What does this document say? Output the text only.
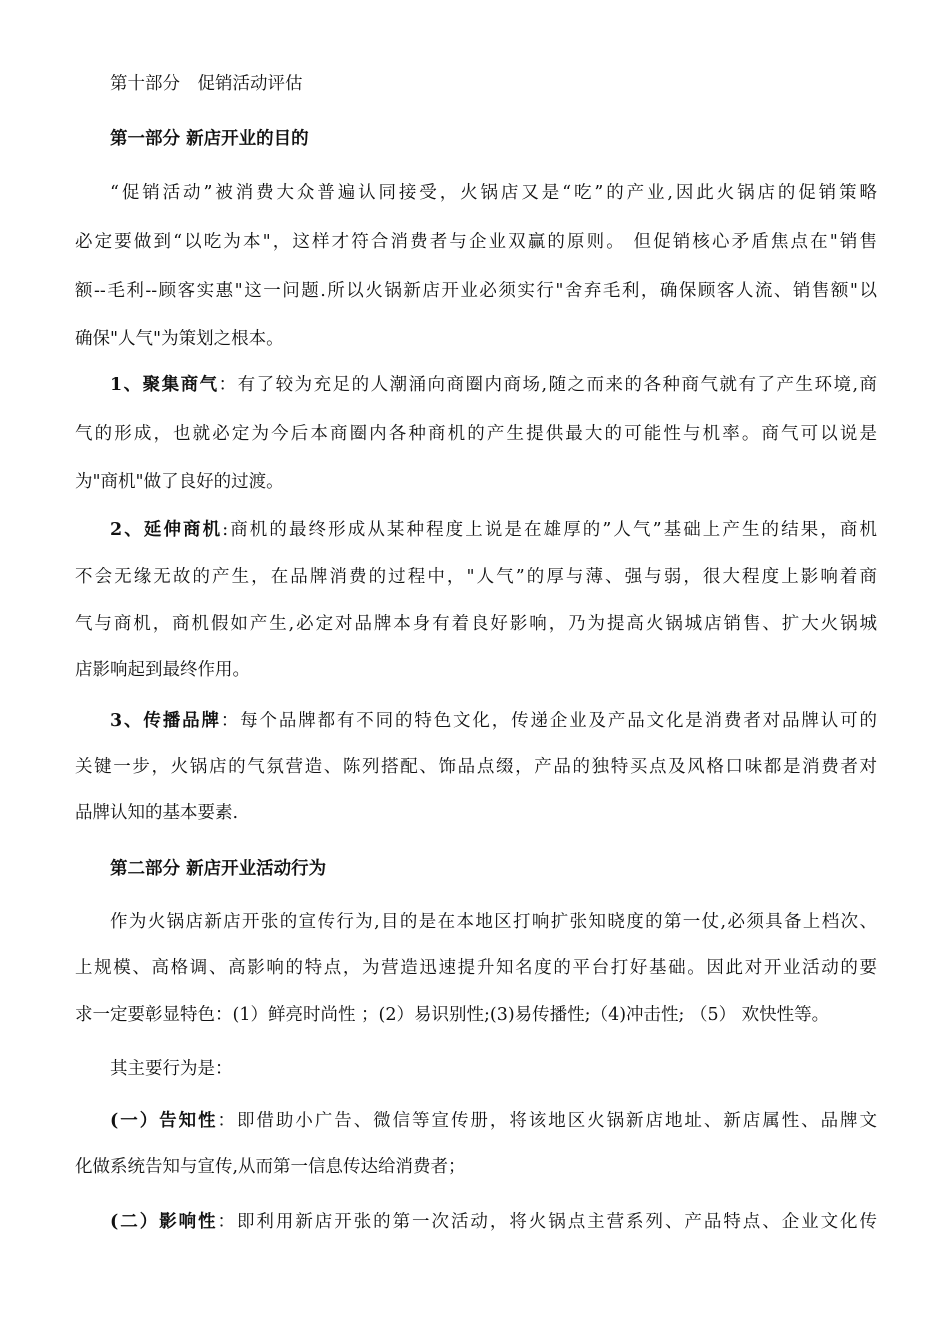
第十部分　促销活动评估
第一部分 新店开业的目的
“促销活动”被消费大众普遍认同接受，火锅店又是“吃”的产业,因此火锅店的促销策略
必定要做到“以吃为本"，这样才符合消费者与企业双赢的原则。 但促销核心矛盾焦点在"销售
额--毛利--顾客实惠"这一问题.所以火锅新店开业必须实行"舍弃毛利，确保顾客人流、销售额"以
确保"人气"为策划之根本。
1、聚集商气：有了较为充足的人潮涌向商圈内商场,随之而来的各种商气就有了产生环境,商
气的形成，也就必定为今后本商圈内各种商机的产生提供最大的可能性与机率。商气可以说是
为"商机"做了良好的过渡。
2、延伸商机:商机的最终形成从某种程度上说是在雄厚的”人气”基础上产生的结果，商机
不会无缘无故的产生，在品牌消费的过程中，"人气”的厚与薄、强与弱，很大程度上影响着商
气与商机，商机假如产生,必定对品牌本身有着良好影响，乃为提高火锅城店销售、扩大火锅城
店影响起到最终作用。
3、传播品牌：每个品牌都有不同的特色文化，传递企业及产品文化是消费者对品牌认可的
关键一步，火锅店的气氛营造、陈列搭配、饰品点缀，产品的独特买点及风格口味都是消费者对
品牌认知的基本要素.
第二部分 新店开业活动行为
作为火锅店新店开张的宣传行为,目的是在本地区打响扩张知晓度的第一仗,必须具备上档次、
上规模、高格调、高影响的特点，为营造迅速提升知名度的平台打好基础。因此对开业活动的要
求一定要彰显特色：(1）鲜亮时尚性 ；(2）易识别性;(3)易传播性;（4)冲击性; （5） 欢快性等。
其主要行为是：
(一）告知性：即借助小广告、微信等宣传册，将该地区火锅新店地址、新店属性、品牌文
化做系统告知与宣传,从而第一信息传达给消费者；
(二）影响性：即利用新店开张的第一次活动，将火锅点主营系列、产品特点、企业文化传
